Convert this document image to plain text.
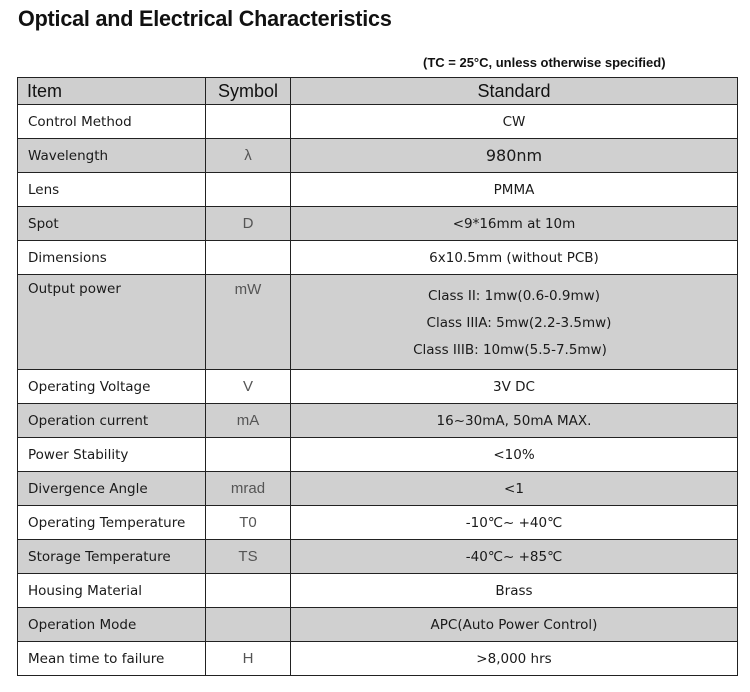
Optical and Electrical Characteristics
(TC = 25°C, unless otherwise specified)
Item	Symbol	Standard
Control Method		CW
Wavelength	λ	980nm
Lens		PMMA
Spot	D	<9*16mm at 10m
Dimensions		6x10.5mm (without PCB)
Output power	mW	Class II: 1mw(0.6-0.9mw)
Class IIIA: 5mw(2.2-3.5mw)
Class IIIB: 10mw(5.5-7.5mw)

Operating Voltage	V	3V DC
Operation current	mA	16~30mA, 50mA MAX.
Power Stability		<10%
Divergence Angle	mrad	<1
Operating Temperature	T0	-10℃~ +40℃
Storage Temperature	TS	-40℃~ +85℃
Housing Material		Brass
Operation Mode		APC(Auto Power Control)
Mean time to failure	H	>8,000 hrs
